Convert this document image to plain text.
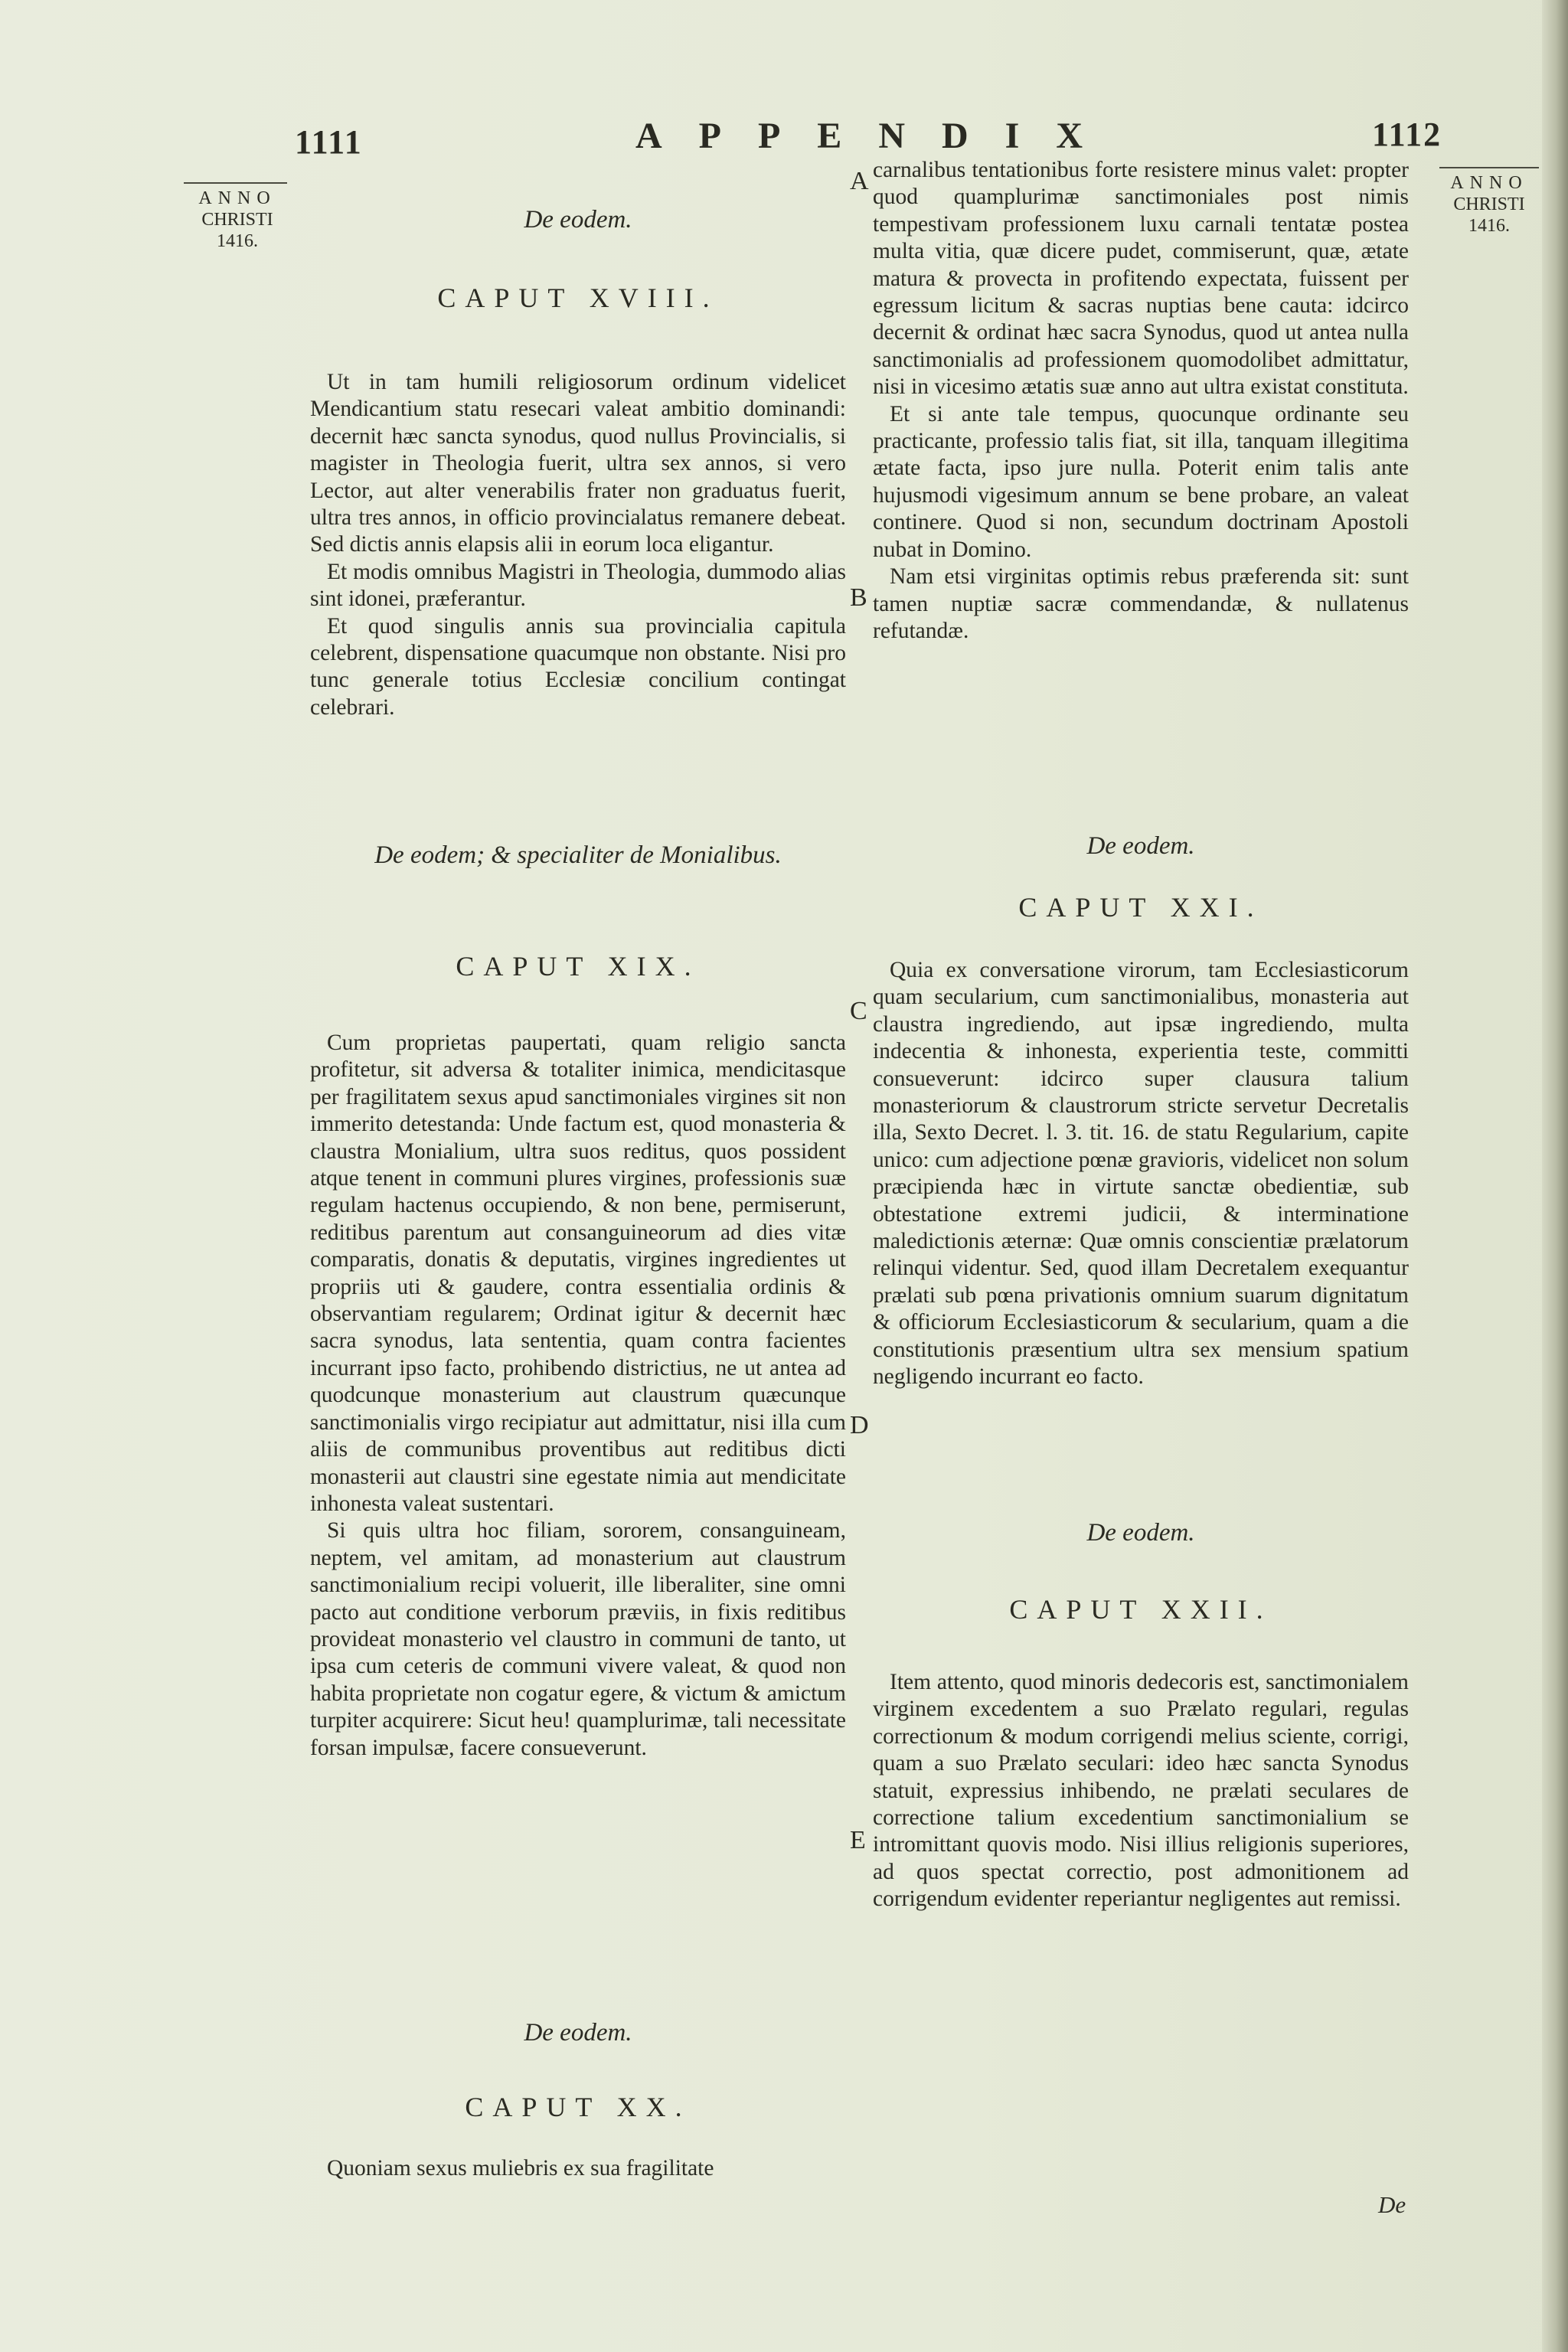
1111	APPENDIX	1112
ANNO
CHRISTI
1416.
ANNO
CHRISTI
1416.
A
B
C
D
E

De eodem.

CAPUT XVIII.

Ut in tam humili religiosorum ordinum videlicet Mendicantium statu resecari valeat ambitio dominandi: decernit hæc sancta synodus, quod nullus Provincialis, si magister in Theologia fuerit, ultra sex annos, si vero Lector, aut alter venerabilis frater non graduatus fuerit, ultra tres annos, in officio provincialatus remanere debeat. Sed dictis annis elapsis alii in eorum loca eligantur.

Et modis omnibus Magistri in Theologia, dummodo alias sint idonei, præferantur.

Et quod singulis annis sua provincialia capitula celebrent, dispensatione quacumque non obstante. Nisi pro tunc generale totius Ecclesiæ concilium contingat celebrari.

De eodem; & specialiter de Monialibus.

CAPUT XIX.

Cum proprietas paupertati, quam religio sancta profitetur, sit adversa & totaliter inimica, mendicitasque per fragilitatem sexus apud sanctimoniales virgines sit non immerito detestanda: Unde factum est, quod monasteria & claustra Monialium, ultra suos reditus, quos possident atque tenent in communi plures virgines, professionis suæ regulam hactenus occupiendo, & non bene, permiserunt, reditibus parentum aut consanguineorum ad dies vitæ comparatis, donatis & deputatis, virgines ingredientes ut propriis uti & gaudere, contra essentialia ordinis & observantiam regularem; Ordinat igitur & decernit hæc sacra synodus, lata sententia, quam contra facientes incurrant ipso facto, prohibendo districtius, ne ut antea ad quodcunque monasterium aut claustrum quæcunque sanctimonialis virgo recipiatur aut admittatur, nisi illa cum aliis de communibus proventibus aut reditibus dicti monasterii aut claustri sine egestate nimia aut mendicitate inhonesta valeat sustentari.

Si quis ultra hoc filiam, sororem, consanguineam, neptem, vel amitam, ad monasterium aut claustrum sanctimonialium recipi voluerit, ille liberaliter, sine omni pacto aut conditione verborum præviis, in fixis reditibus provideat monasterio vel claustro in communi de tanto, ut ipsa cum ceteris de communi vivere valeat, & quod non habita proprietate non cogatur egere, & victum & amictum turpiter acquirere: Sicut heu! quamplurimæ, tali necessitate forsan impulsæ, facere consueverunt.

De eodem.

CAPUT XX.

Quoniam sexus muliebris ex sua fragilitate

carnalibus tentationibus forte resistere minus valet: propter quod quamplurimæ sanctimoniales post nimis tempestivam professionem luxu carnali tentatæ postea multa vitia, quæ dicere pudet, commiserunt, quæ, ætate matura & provecta in profitendo expectata, fuissent per egressum licitum & sacras nuptias bene cauta: idcirco decernit & ordinat hæc sacra Synodus, quod ut antea nulla sanctimonialis ad professionem quomodolibet admittatur, nisi in vicesimo ætatis suæ anno aut ultra existat constituta.

Et si ante tale tempus, quocunque ordinante seu practicante, professio talis fiat, sit illa, tanquam illegitima ætate facta, ipso jure nulla. Poterit enim talis ante hujusmodi vigesimum annum se bene probare, an valeat continere. Quod si non, secundum doctrinam Apostoli nubat in Domino.

Nam etsi virginitas optimis rebus præferenda sit: sunt tamen nuptiæ sacræ commendandæ, & nullatenus refutandæ.

De eodem.

CAPUT XXI.

Quia ex conversatione virorum, tam Ecclesiasticorum quam secularium, cum sanctimonialibus, monasteria aut claustra ingrediendo, aut ipsæ ingrediendo, multa indecentia & inhonesta, experientia teste, committi consueverunt: idcirco super clausura talium monasteriorum & claustrorum stricte servetur Decretalis illa, Sexto Decret. l. 3. tit. 16. de statu Regularium, capite unico: cum adjectione pœnæ gravioris, videlicet non solum præcipienda hæc in virtute sanctæ obedientiæ, sub obtestatione extremi judicii, & interminatione maledictionis æternæ: Quæ omnis conscientiæ prælatorum relinqui videntur. Sed, quod illam Decretalem exequantur prælati sub pœna privationis omnium suarum dignitatum & officiorum Ecclesiasticorum & secularium, quam a die constitutionis præsentium ultra sex mensium spatium negligendo incurrant eo facto.

De eodem.

CAPUT XXII.

Item attento, quod minoris dedecoris est, sanctimonialem virginem excedentem a suo Prælato regulari, regulas correctionum & modum corrigendi melius sciente, corrigi, quam a suo Prælato seculari: ideo hæc sancta Synodus statuit, expressius inhibendo, ne prælati seculares de correctione talium excedentium sanctimonialium se intromittant quovis modo. Nisi illius religionis superiores, ad quos spectat correctio, post admonitionem ad corrigendum evidenter reperiantur negligentes aut remissi.

De
